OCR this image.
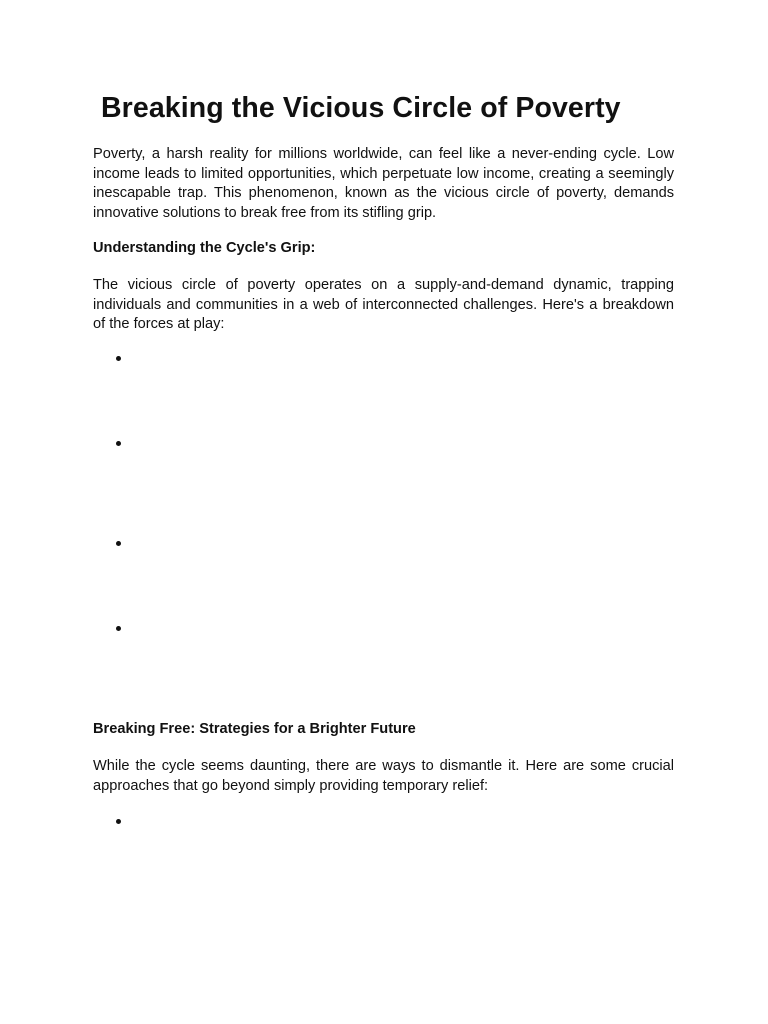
Breaking the Vicious Circle of Poverty

Poverty, a harsh reality for millions worldwide, can feel like a never-ending cycle. Low income leads to limited opportunities, which perpetuate low income, creating a seemingly inescapable trap. This phenomenon, known as the vicious circle of poverty, demands innovative solutions to break free from its stifling grip.

Understanding the Cycle's Grip:

The vicious circle of poverty operates on a supply-and-demand dynamic, trapping individuals and communities in a web of interconnected challenges. Here's a breakdown of the forces at play:

Breaking Free: Strategies for a Brighter Future

While the cycle seems daunting, there are ways to dismantle it. Here are some crucial approaches that go beyond simply providing temporary relief:
